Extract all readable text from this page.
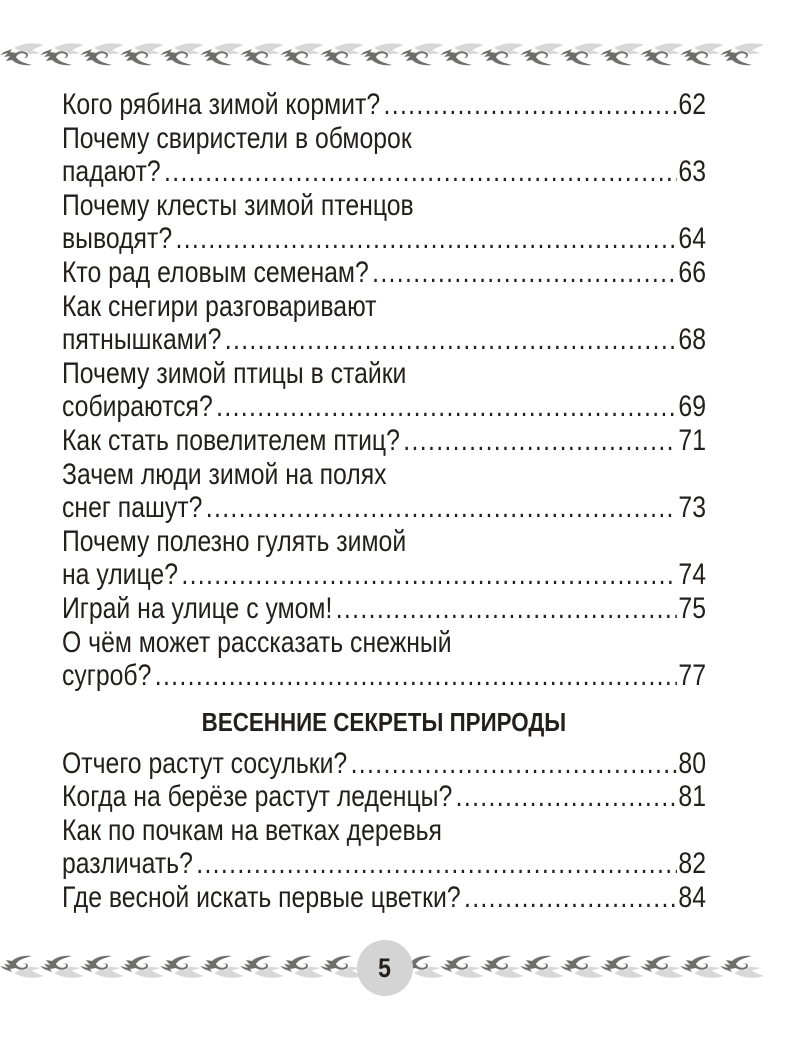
Кого рябина зимой кормит? .....	62
Почему свиристели в обморок
падают? .....	63
Почему клесты зимой птенцов
выводят? .....	64
Кто рад еловым семенам? .....	66
Как снегири разговаривают
пятнышками? .....	68
Почему зимой птицы в стайки
собираются? .....	69
Как стать повелителем птиц? .....	71
Зачем люди зимой на полях
снег пашут? .....	73
Почему полезно гулять зимой
на улице? .....	74
Играй на улице с умом! .....	75
О чём может рассказать снежный
сугроб? .....	77
ВЕСЕННИЕ СЕКРЕТЫ ПРИРОДЫ
Отчего растут сосульки? .....	80
Когда на берёзе растут леденцы? .....	81
Как по почкам на ветках деревья
различать? .....	82
Где весной искать первые цветки? .....	84
5
